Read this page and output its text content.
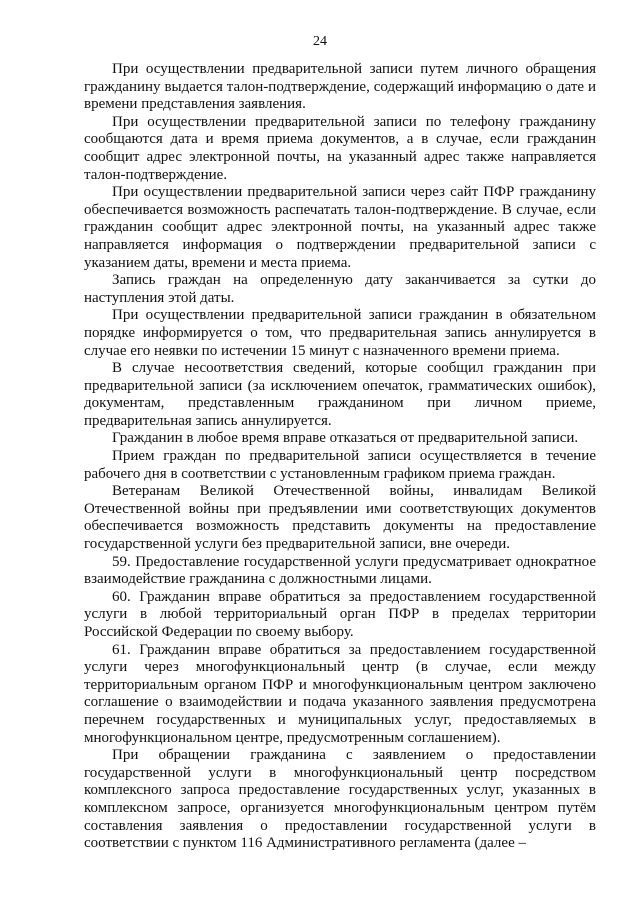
24

При осуществлении предварительной записи путем личного обращения гражданину выдается талон-подтверждение, содержащий информацию о дате и времени представления заявления.

При осуществлении предварительной записи по телефону гражданину сообщаются дата и время приема документов, а в случае, если гражданин сообщит адрес электронной почты, на указанный адрес также направляется талон-подтверждение.

При осуществлении предварительной записи через сайт ПФР гражданину обеспечивается возможность распечатать талон-подтверждение. В случае, если гражданин сообщит адрес электронной почты, на указанный адрес также направляется информация о подтверждении предварительной записи с указанием даты, времени и места приема.

Запись граждан на определенную дату заканчивается за сутки до наступления этой даты.

При осуществлении предварительной записи гражданин в обязательном порядке информируется о том, что предварительная запись аннулируется в случае его неявки по истечении 15 минут с назначенного времени приема.

В случае несоответствия сведений, которые сообщил гражданин при предварительной записи (за исключением опечаток, грамматических ошибок), документам, представленным гражданином при личном приеме, предварительная запись аннулируется.

Гражданин в любое время вправе отказаться от предварительной записи.

Прием граждан по предварительной записи осуществляется в течение рабочего дня в соответствии с установленным графиком приема граждан.

Ветеранам Великой Отечественной войны, инвалидам Великой Отечественной войны при предъявлении ими соответствующих документов обеспечивается возможность представить документы на предоставление государственной услуги без предварительной записи, вне очереди.

59. Предоставление государственной услуги предусматривает однократное взаимодействие гражданина с должностными лицами.

60. Гражданин вправе обратиться за предоставлением государственной услуги в любой территориальный орган ПФР в пределах территории Российской Федерации по своему выбору.

61. Гражданин вправе обратиться за предоставлением государственной услуги через многофункциональный центр (в случае, если между территориальным органом ПФР и многофункциональным центром заключено соглашение о взаимодействии и подача указанного заявления предусмотрена перечнем государственных и муниципальных услуг, предоставляемых в многофункциональном центре, предусмотренным соглашением).

При обращении гражданина с заявлением о предоставлении государственной услуги в многофункциональный центр посредством комплексного запроса предоставление государственных услуг, указанных в комплексном запросе, организуется многофункциональным центром путём составления заявления о предоставлении государственной услуги в соответствии с пунктом 116 Административного регламента (далее –
